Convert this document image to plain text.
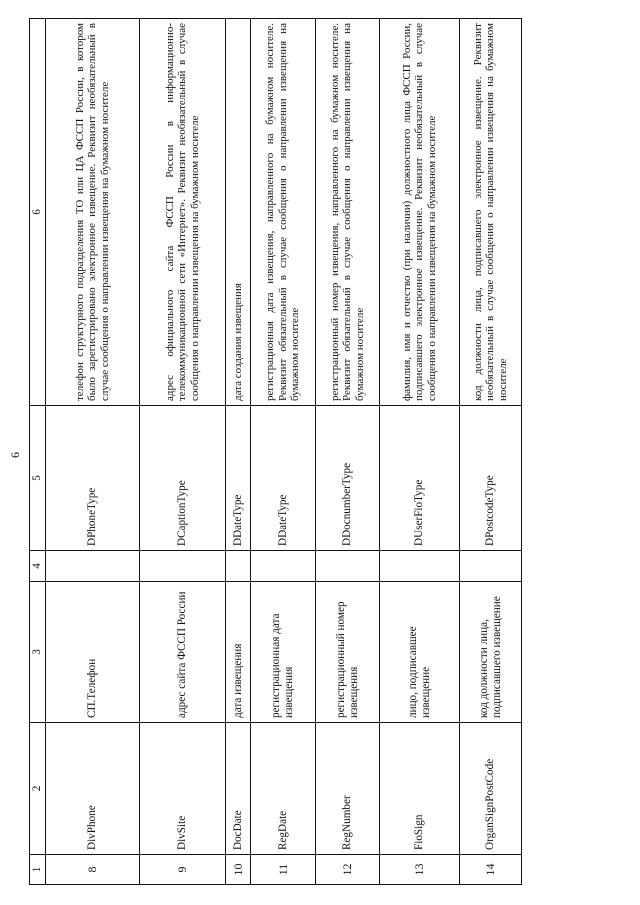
6
1	2	3	4	5	6
8	DivPhone	СП.Телефон		DPhoneType	телефон структурного подразделения ТО или ЦА ФССП России, в котором было зарегистрировано электронное извещение. Реквизит необязательный в случае сообщения о направлении извещения на бумажном носителе
9	DivSite	адрес сайта ФССП России		DCaptionType	адрес официального сайта ФССП России в информационно-телекоммуникационной сети «Интернет». Реквизит необязательный в случае сообщения о направлении извещения на бумажном носителе
10	DocDate	дата извещения		DDateType	дата создания извещения
11	RegDate	регистрационная дата извещения		DDateType	регистрационная дата извещения, направленного на бумажном носителе. Реквизит обязательный в случае сообщения о направлении извещения на бумажном носителе
12	RegNumber	регистрационный номер извещения		DDocnumberType	регистрационный номер извещения, направленного на бумажном носителе. Реквизит обязательный в случае сообщения о направлении извещения на бумажном носителе
13	FioSign	лицо, подписавшее извещение		DUserFioType	фамилия, имя и отчество (при наличии) должностного лица ФССП России, подписавшего электронное извещение. Реквизит необязательный в случае сообщения о направлении извещения на бумажном носителе
14	OrganSignPostCode	код должности лица, подписавшего извещение		DPostcodeType	код должности лица, подписавшего электронное извещение. Реквизит необязательный в случае сообщения о направлении извещения на бумажном носителе
